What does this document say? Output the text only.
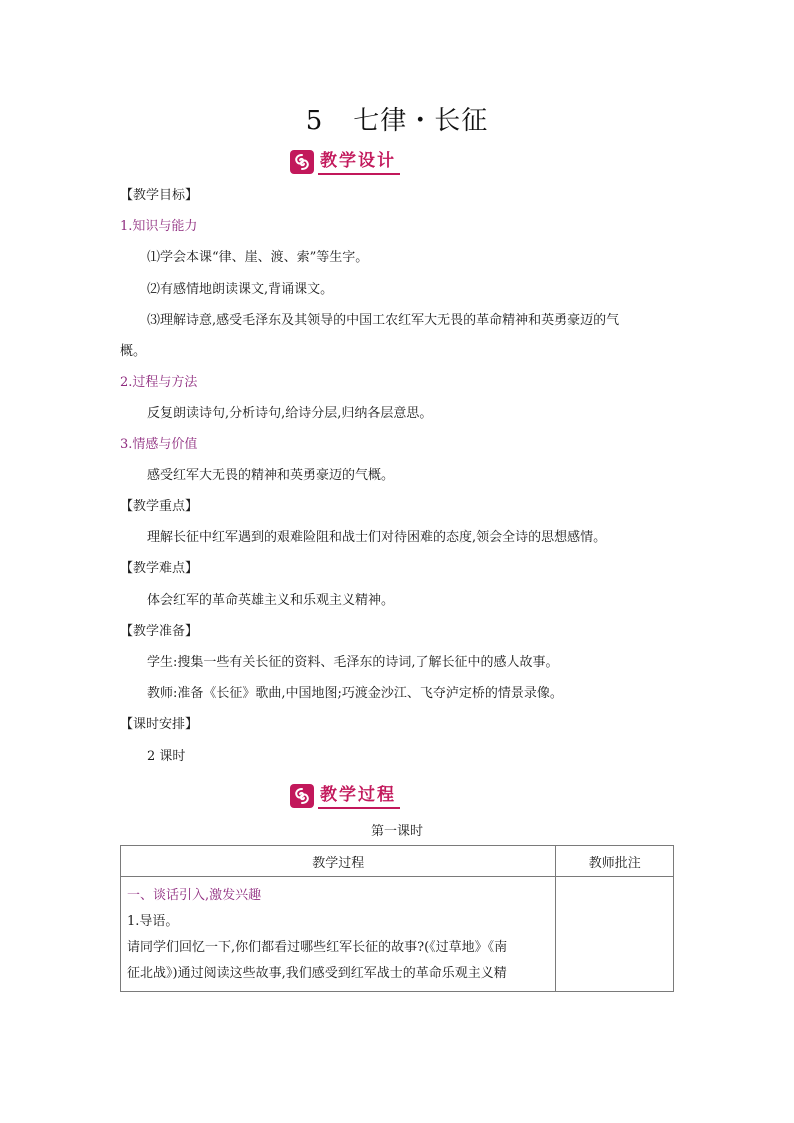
5 七律・长征
教学设计
【教学目标】
1.知识与能力
⑴学会本课“律、崖、渡、索”等生字。
⑵有感情地朗读课文,背诵课文。
⑶理解诗意,感受毛泽东及其领导的中国工农红军大无畏的革命精神和英勇豪迈的气
概。
2.过程与方法
反复朗读诗句,分析诗句,给诗分层,归纳各层意思。
3.情感与价值
感受红军大无畏的精神和英勇豪迈的气概。
【教学重点】
理解长征中红军遇到的艰难险阻和战士们对待困难的态度,领会全诗的思想感情。
【教学难点】
体会红军的革命英雄主义和乐观主义精神。
【教学准备】
学生:搜集一些有关长征的资料、毛泽东的诗词,了解长征中的感人故事。
教师:准备《长征》歌曲,中国地图;巧渡金沙江、飞夺泸定桥的情景录像。
【课时安排】
2 课时
教学过程
第一课时
教学过程	教师批注

一、谈话引入,激发兴趣
1.导语。
请同学们回忆一下,你们都看过哪些红军长征的故事?(《过草地》《南
征北战》)通过阅读这些故事,我们感受到红军战士的革命乐观主义精	
